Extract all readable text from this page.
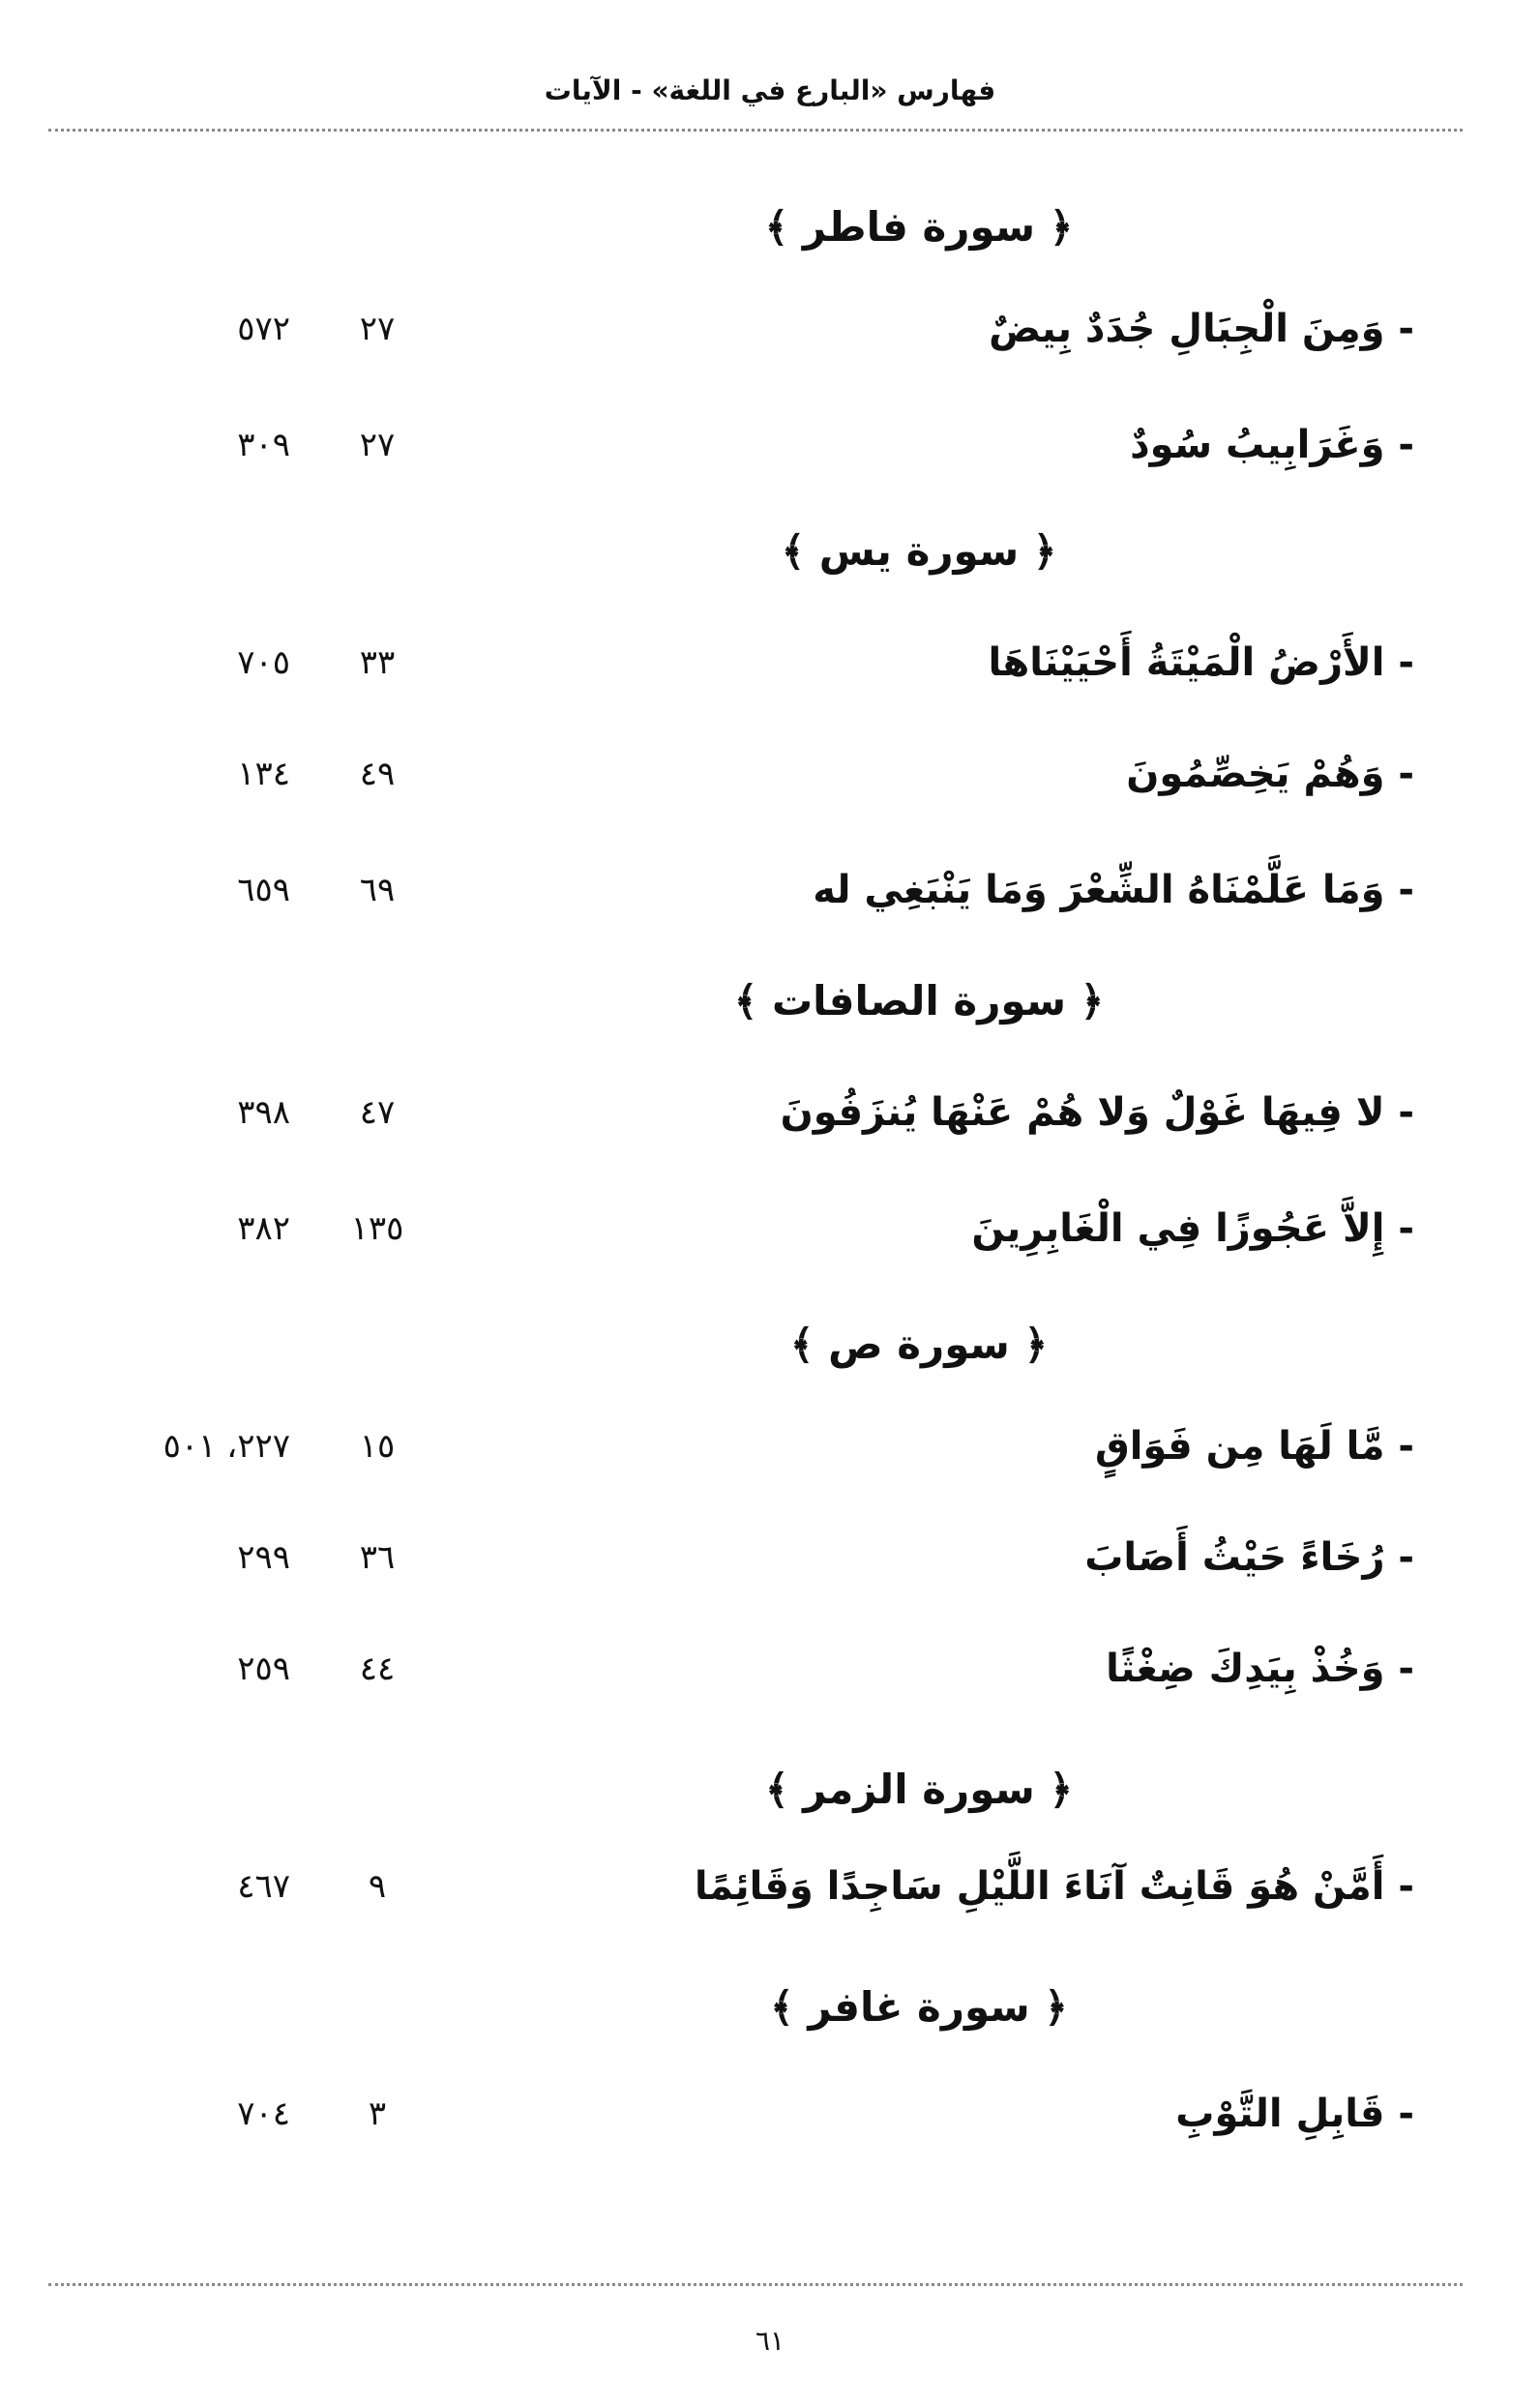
فهارس «البارع في اللغة» - الآيات
﴿ سورة فاطر ﴾
- وَمِنَ الْجِبَالِ جُدَدٌ بِيضٌ
٢٧
٥٧٢
- وَغَرَابِيبُ سُودٌ
٢٧
٣٠٩
﴿ سورة يس ﴾
- الأَرْضُ الْمَيْتَةُ أَحْيَيْنَاهَا
٣٣
٧٠٥
- وَهُمْ يَخِصِّمُونَ
٤٩
١٣٤
- وَمَا عَلَّمْنَاهُ الشِّعْرَ وَمَا يَنْبَغِي له
٦٩
٦٥٩
﴿ سورة الصافات ﴾
- لا فِيهَا غَوْلٌ وَلا هُمْ عَنْهَا يُنزَفُونَ
٤٧
٣٩٨
- إِلاَّ عَجُوزًا فِي الْغَابِرِينَ
١٣٥
٣٨٢
﴿ سورة ص ﴾
- مَّا لَهَا مِن فَوَاقٍ
١٥
٢٢٧، ٥٠١
- رُخَاءً حَيْثُ أَصَابَ
٣٦
٢٩٩
- وَخُذْ بِيَدِكَ ضِغْثًا
٤٤
٢٥٩
﴿ سورة الزمر ﴾
- أَمَّنْ هُوَ قَانِتٌ آنَاءَ اللَّيْلِ سَاجِدًا وَقَائِمًا
٩
٤٦٧
﴿ سورة غافر ﴾
- قَابِلِ التَّوْبِ
٣
٧٠٤
٦١
